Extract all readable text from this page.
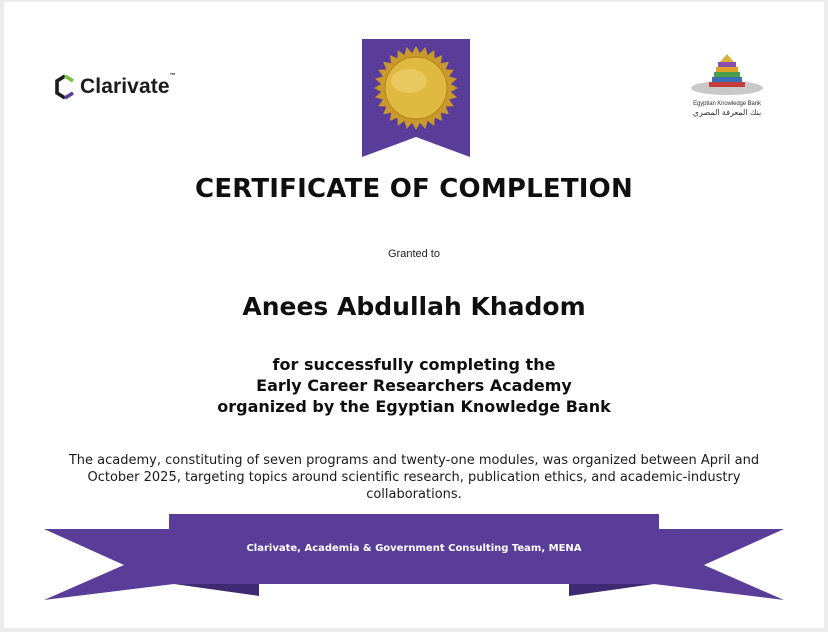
Clarivate™
Egyptian Knowledge Bank
بنك المعرفة المصري
CERTIFICATE OF COMPLETION
Granted to
Anees Abdullah Khadom
for successfully completing the
Early Career Researchers Academy
organized by the Egyptian Knowledge Bank
The academy, constituting of seven programs and twenty-one modules, was organized between April and October 2025, targeting topics around scientific research, publication ethics, and academic-industry collaborations.
Clarivate, Academia & Government Consulting Team, MENA
